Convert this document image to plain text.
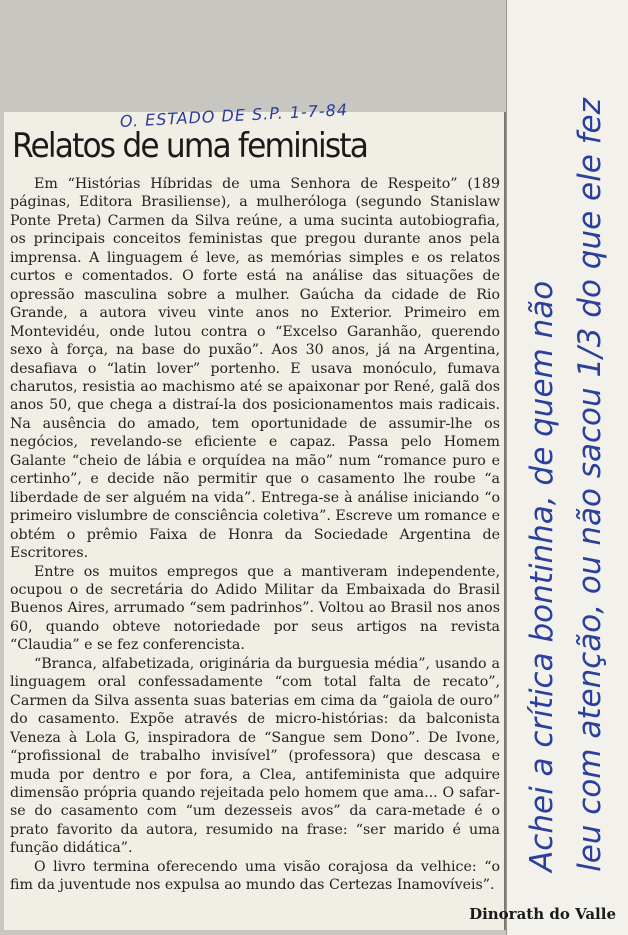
O. ESTADO DE S.P. 1-7-84
Relatos de uma feminista

Em “Histórias Híbridas de uma Senhora de Respeito” (189 páginas, Editora Brasiliense), a mulheróloga (segundo Stanislaw Ponte Preta) Carmen da Silva reúne, a uma sucinta autobiografia, os principais conceitos feministas que pregou durante anos pela imprensa. A linguagem é leve, as memórias simples e os relatos curtos e comentados. O forte está na análise das situações de opressão masculina sobre a mulher. Gaúcha da cidade de Rio Grande, a autora viveu vinte anos no Exterior. Primeiro em Montevidéu, onde lutou contra o “Excelso Garanhão, querendo sexo à força, na base do puxão”. Aos 30 anos, já na Argentina, desafiava o “latin lover” portenho. E usava monóculo, fumava charutos, resistia ao machismo até se apaixonar por René, galã dos anos 50, que chega a distraí-la dos posicionamentos mais radicais. Na ausência do amado, tem oportunidade de assumir-lhe os negócios, revelando-se eficiente e capaz. Passa pelo Homem Galante “cheio de lábia e orquídea na mão” num “romance puro e certinho”, e decide não permitir que o casamento lhe roube “a liberdade de ser alguém na vida”. Entrega-se à análise iniciando “o primeiro vislumbre de consciência coletiva”. Escreve um romance e obtém o prêmio Faixa de Honra da Sociedade Argentina de Escritores.

Entre os muitos empregos que a mantiveram independente, ocupou o de secretária do Adido Militar da Embaixada do Brasil Buenos Aires, arrumado “sem padrinhos”. Voltou ao Brasil nos anos 60, quando obteve notoriedade por seus artigos na revista “Claudia” e se fez conferencista.

“Branca, alfabetizada, originária da burguesia média”, usando a linguagem oral confessadamente “com total falta de recato”, Carmen da Silva assenta suas baterias em cima da “gaiola de ouro” do casamento. Expõe através de micro-histórias: da balconista Veneza à Lola G, inspiradora de “Sangue sem Dono”. De Ivone, “profissional de trabalho invisível” (professora) que descasa e muda por dentro e por fora, a Clea, antifeminista que adquire dimensão própria quando rejeitada pelo homem que ama... O safar-se do casamento com “um dezesseis avos” da cara-metade é o prato favorito da autora, resumido na frase: “ser marido é uma função didática”.

O livro termina oferecendo uma visão corajosa da velhice: “o fim da juventude nos expulsa ao mundo das Certezas Inamovíveis”.

Dinorath do Valle
Achei a crítica bontinha, de quem não leu com atenção, ou não sacou 1/3 do que ele fez
